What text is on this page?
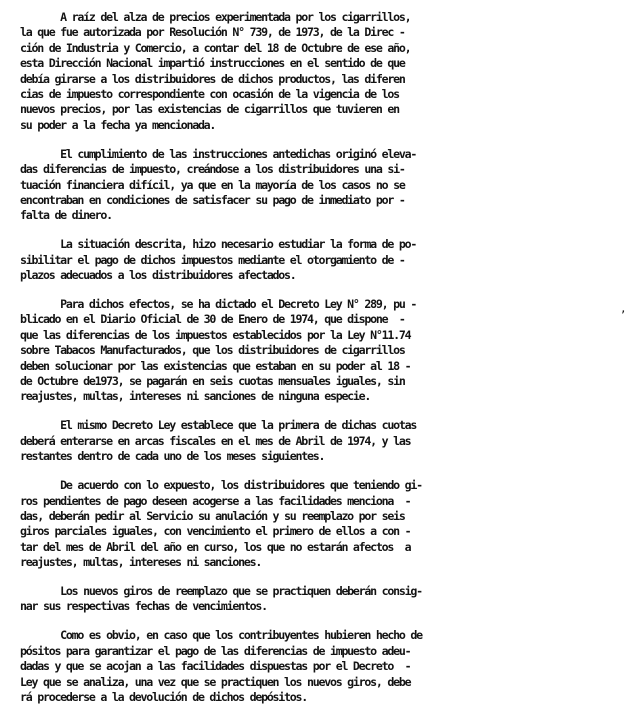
A raíz del alza de precios experimentada por los cigarrillos,
la que fue autorizada por Resolución N° 739, de 1973, de la Direc -
ción de Industria y Comercio, a contar del 18 de Octubre de ese año,
esta Dirección Nacional impartió instrucciones en el sentido de que
debía girarse a los distribuidores de dichos productos, las diferen
cias de impuesto correspondiente con ocasión de la vigencia de los
nuevos precios, por las existencias de cigarrillos que tuvieren en
su poder a la fecha ya mencionada.
El cumplimiento de las instrucciones antedichas originó eleva-
das diferencias de impuesto, creándose a los distribuidores una si-
tuación financiera difícil, ya que en la mayoría de los casos no se
encontraban en condiciones de satisfacer su pago de inmediato por -
falta de dinero.
La situación descrita, hizo necesario estudiar la forma de po-
sibilitar el pago de dichos impuestos mediante el otorgamiento de -
plazos adecuados a los distribuidores afectados.
Para dichos efectos, se ha dictado el Decreto Ley N° 289, pu -
blicado en el Diario Oficial de 30 de Enero de 1974, que dispone  -
que las diferencias de los impuestos establecidos por la Ley N°11.74
sobre Tabacos Manufacturados, que los distribuidores de cigarrillos
deben solucionar por las existencias que estaban en su poder al 18 -
de Octubre de1973, se pagarán en seis cuotas mensuales iguales, sin
reajustes, multas, intereses ni sanciones de ninguna especie.
El mismo Decreto Ley establece que la primera de dichas cuotas
deberá enterarse en arcas fiscales en el mes de Abril de 1974, y las
restantes dentro de cada uno de los meses siguientes.
De acuerdo con lo expuesto, los distribuidores que teniendo gi-
ros pendientes de pago deseen acogerse a las facilidades menciona  -
das, deberán pedir al Servicio su anulación y su reemplazo por seis
giros parciales iguales, con vencimiento el primero de ellos a con -
tar del mes de Abril del año en curso, los que no estarán afectos  a
reajustes, multas, intereses ni sanciones.
Los nuevos giros de reemplazo que se practiquen deberán consig-
nar sus respectivas fechas de vencimientos.
Como es obvio, en caso que los contribuyentes hubieren hecho de
pósitos para garantizar el pago de las diferencias de impuesto adeu-
dadas y que se acojan a las facilidades dispuestas por el Decreto  -
Ley que se analiza, una vez que se practiquen los nuevos giros, debe
rá procederse a la devolución de dichos depósitos.
,
